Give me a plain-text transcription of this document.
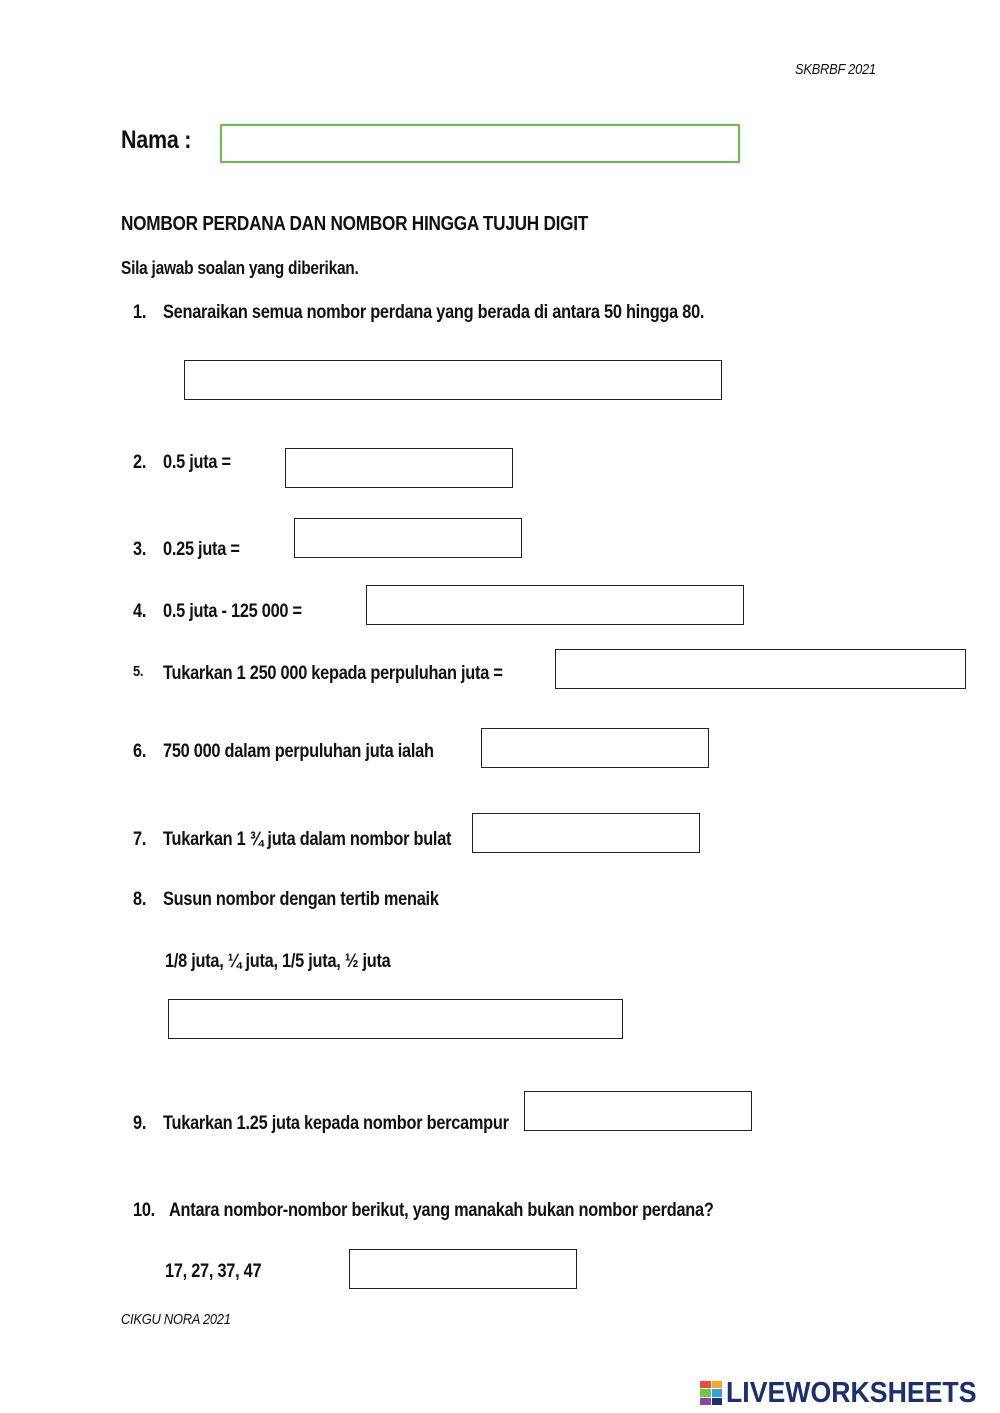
SKBRBF 2021
Nama :
NOMBOR PERDANA DAN NOMBOR HINGGA TUJUH DIGIT
Sila jawab soalan yang diberikan.
1. Senaraikan semua nombor perdana yang berada di antara 50 hingga 80.
2. 0.5 juta =
3. 0.25 juta =
4. 0.5 juta - 125 000 =
5. Tukarkan 1 250 000 kepada perpuluhan juta =
6. 750 000 dalam perpuluhan juta ialah
7. Tukarkan 1 ¾ juta dalam nombor bulat
8. Susun nombor dengan tertib menaik
1/8 juta, ¼ juta, 1/5 juta, ½ juta
9. Tukarkan 1.25 juta kepada nombor bercampur
10. Antara nombor-nombor berikut, yang manakah bukan nombor perdana?
17, 27, 37, 47
CIKGU NORA 2021
LIVEWORKSHEETS
